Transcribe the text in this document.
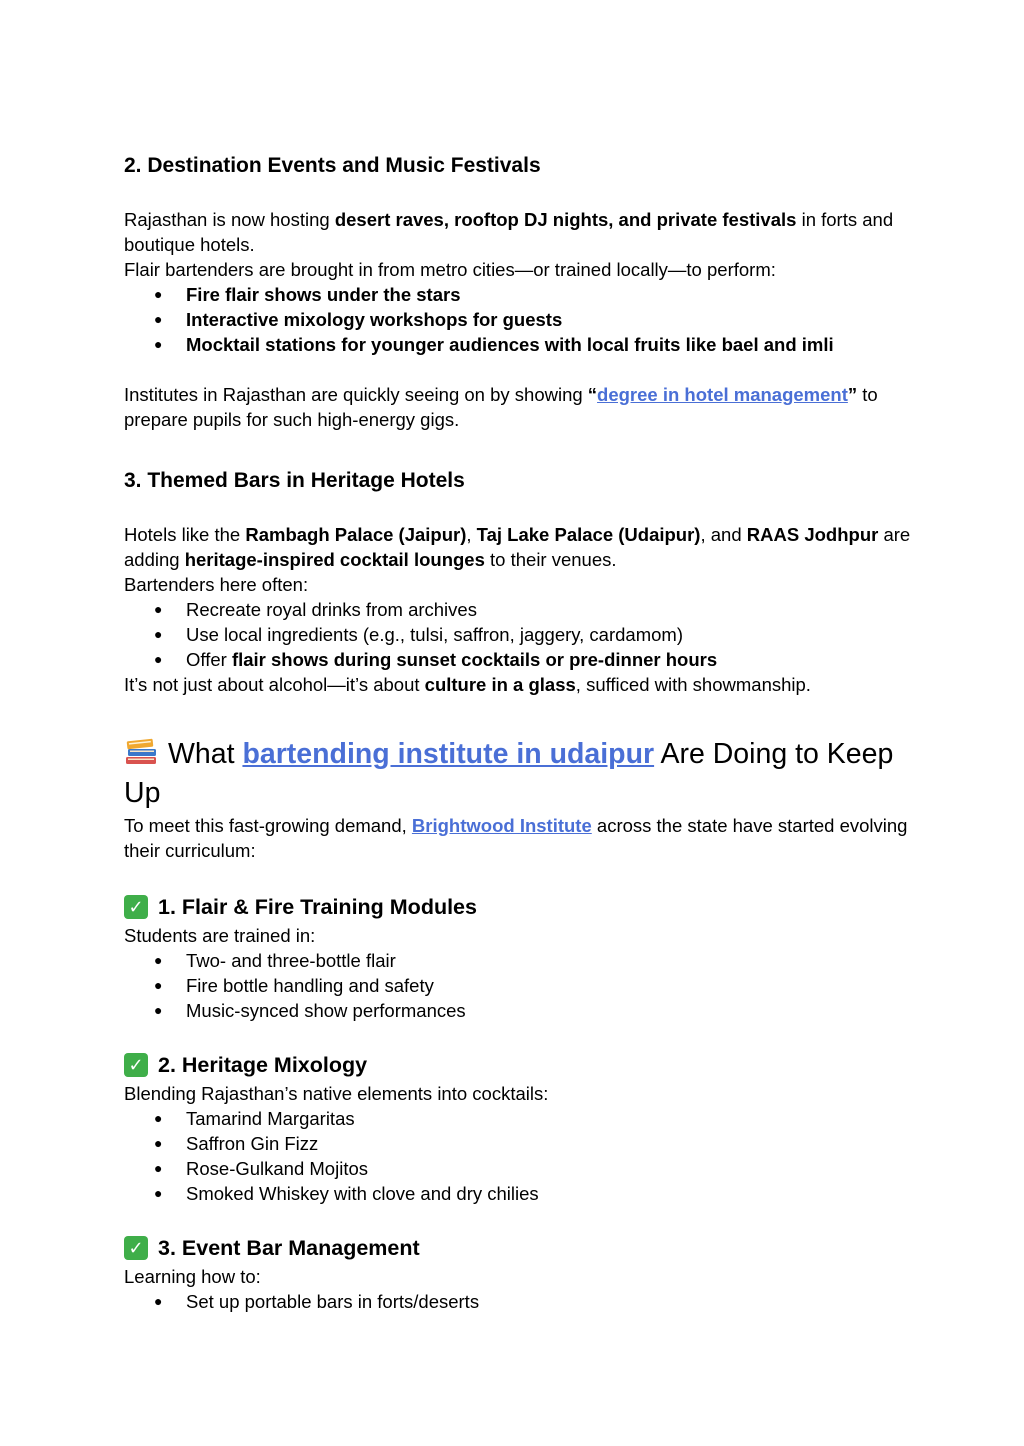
2. Destination Events and Music Festivals

Rajasthan is now hosting desert raves, rooftop DJ nights, and private festivals in forts and boutique hotels.

Flair bartenders are brought in from metro cities—or trained locally—to perform:

● Fire flair shows under the stars
● Interactive mixology workshops for guests
● Mocktail stations for younger audiences with local fruits like bael and imli

Institutes in Rajasthan are quickly seeing on by showing “degree in hotel management” to prepare pupils for such high-energy gigs.

3. Themed Bars in Heritage Hotels

Hotels like the Rambagh Palace (Jaipur), Taj Lake Palace (Udaipur), and RAAS Jodhpur are adding heritage-inspired cocktail lounges to their venues.

Bartenders here often:

● Recreate royal drinks from archives
● Use local ingredients (e.g., tulsi, saffron, jaggery, cardamom)
● Offer flair shows during sunset cocktails or pre-dinner hours

It’s not just about alcohol—it’s about culture in a glass, sufficed with showmanship.

What bartending institute in udaipur Are Doing to Keep Up

To meet this fast-growing demand, Brightwood Institute across the state have started evolving their curriculum:

✓ 1. Flair & Fire Training Modules

Students are trained in:

● Two- and three-bottle flair
● Fire bottle handling and safety
● Music-synced show performances
✓ 2. Heritage Mixology

Blending Rajasthan’s native elements into cocktails:

● Tamarind Margaritas
● Saffron Gin Fizz
● Rose-Gulkand Mojitos
● Smoked Whiskey with clove and dry chilies
✓ 3. Event Bar Management

Learning how to:

● Set up portable bars in forts/deserts
